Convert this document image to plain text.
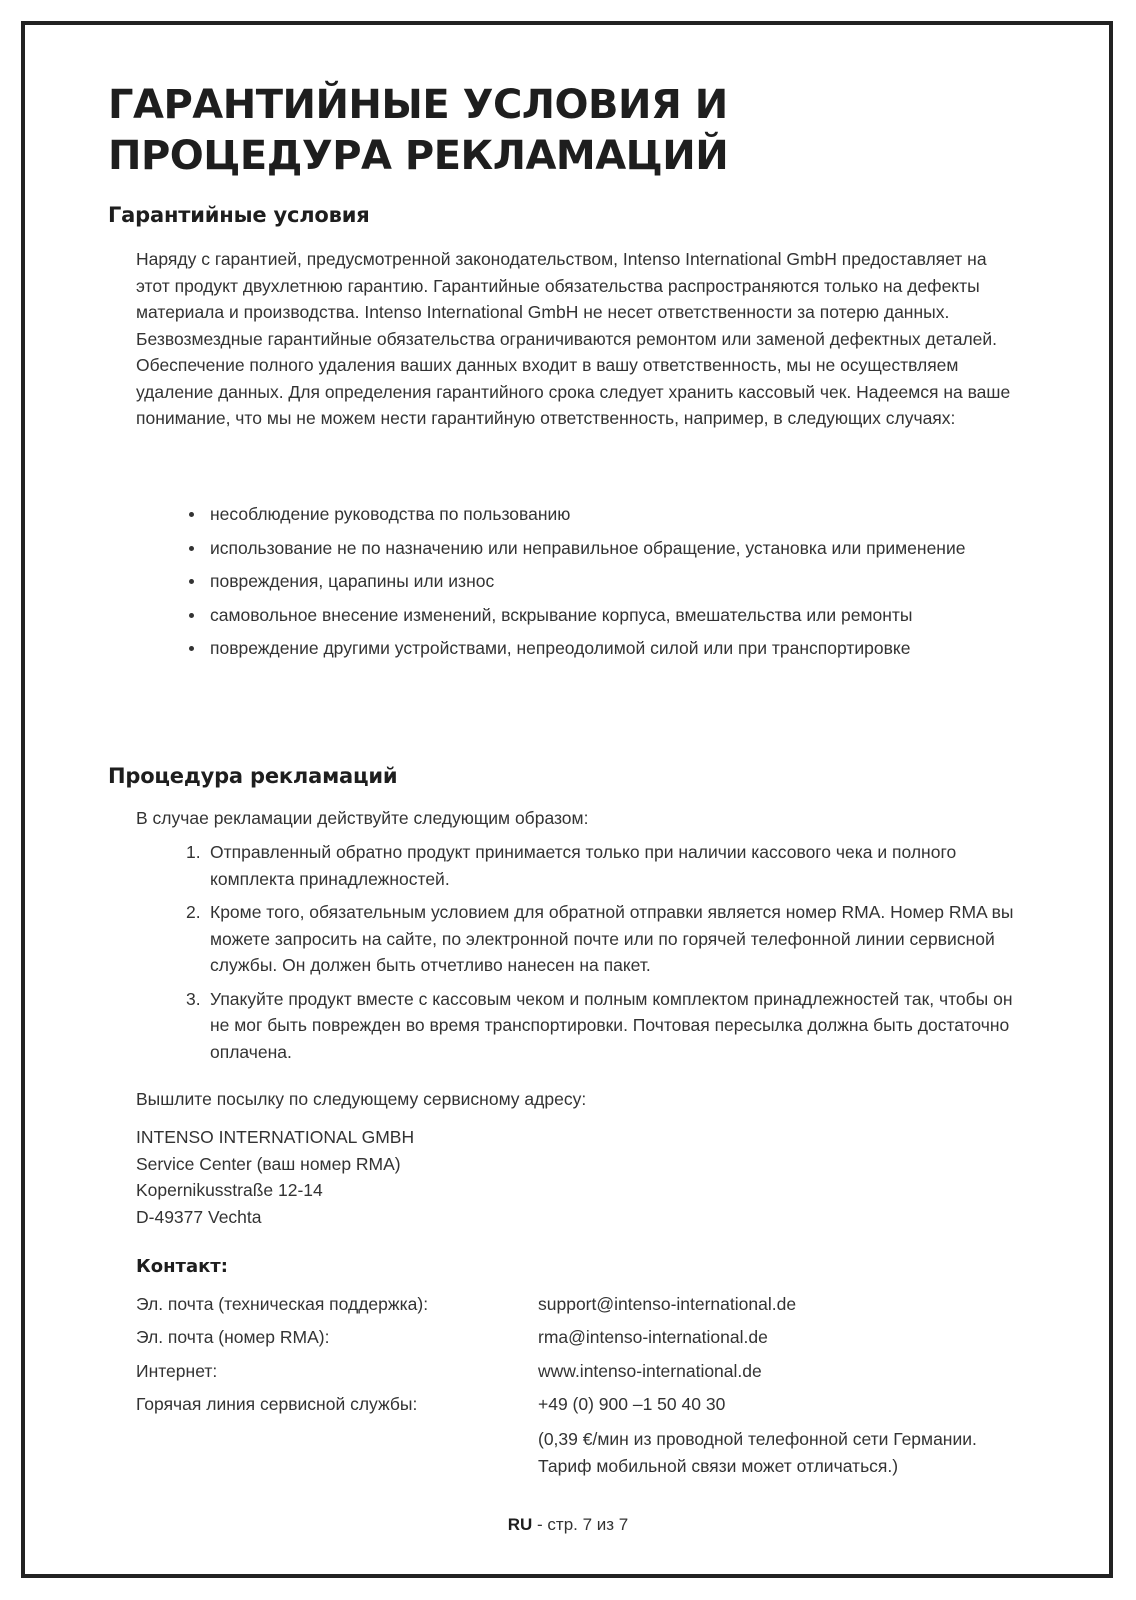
ГАРАНТИЙНЫЕ УСЛОВИЯ И
ПРОЦЕДУРА РЕКЛАМАЦИЙ
Гарантийные условия

Наряду с гарантией, предусмотренной законодательством, Intenso International GmbH предоставляет на этот продукт двухлетнюю гарантию. Гарантийные обязательства распространяются только на дефекты материала и производства. Intenso International GmbH не несет ответственности за потерю данных. Безвозмездные гарантийные обязательства ограничиваются ремонтом или заменой дефектных деталей. Обеспечение полного удаления ваших данных входит в вашу ответственность, мы не осуществляем удаление данных. Для определения гарантийного срока следует хранить кассовый чек. Надеемся на ваше понимание, что мы не можем нести гарантийную ответственность, например, в следующих случаях:

несоблюдение руководства по пользованию
использование не по назначению или неправильное обращение, установка или применение
повреждения, царапины или износ
самовольное внесение изменений, вскрывание корпуса, вмешательства или ремонты
повреждение другими устройствами, непреодолимой силой или при транспортировке
Процедура рекламаций

В случае рекламации действуйте следующим образом:

1. Отправленный обратно продукт принимается только при наличии кассового чека и полного комплекта принадлежностей.
2. Кроме того, обязательным условием для обратной отправки является номер RMA. Номер RMA вы можете запросить на сайте, по электронной почте или по горячей телефонной линии сервисной службы. Он должен быть отчетливо нанесен на пакет.
3. Упакуйте продукт вместе с кассовым чеком и полным комплектом принадлежностей так, чтобы он не мог быть поврежден во время транспортировки. Почтовая пересылка должна быть достаточно оплачена.

Вышлите посылку по следующему сервисному адресу:

INTENSO INTERNATIONAL GMBH
Service Center (ваш номер RMA)
Kopernikusstraße 12-14
D-49377 Vechta
Контакт:
Эл. почта (техническая поддержка):	support@intenso-international.de
Эл. почта (номер RMA):	rma@intenso-international.de
Интернет:	www.intenso-international.de
Горячая линия сервисной службы:	+49 (0) 900 –1 50 40 30
(0,39 €/мин из проводной телефонной сети Германии. Тариф мобильной связи может отличаться.)
RU - стр. 7 из 7
